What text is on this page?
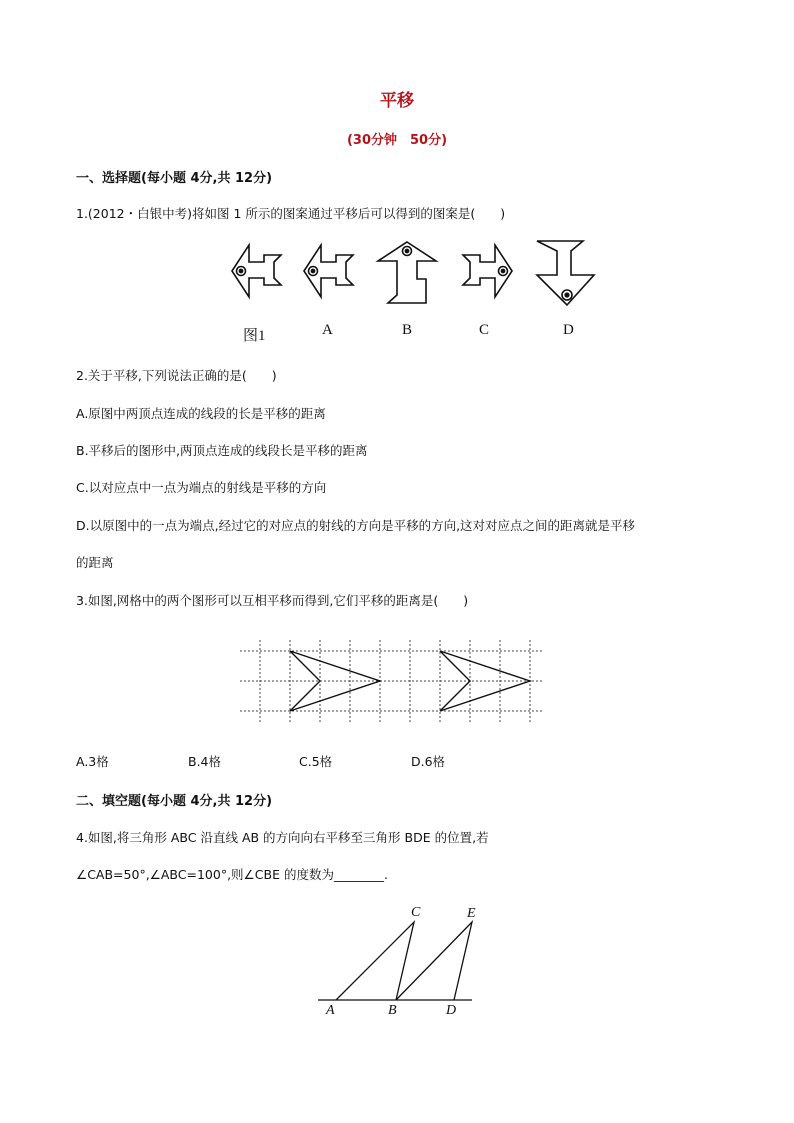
平移
(30分钟　50分)
一、选择题(每小题 4分,共 12分)
1.(2012・白银中考)将如图 1 所示的图案通过平移后可以得到的图案是(　　)
图1	A	B	C	D
2.关于平移,下列说法正确的是(　　)
A.原图中两顶点连成的线段的长是平移的距离
B.平移后的图形中,两顶点连成的线段长是平移的距离
C.以对应点中一点为端点的射线是平移的方向
D.以原图中的一点为端点,经过它的对应点的射线的方向是平移的方向,这对对应点之间的距离就是平移
的距离
3.如图,网格中的两个图形可以互相平移而得到,它们平移的距离是(　　)
A.3格	B.4格	C.5格	D.6格
二、填空题(每小题 4分,共 12分)
4.如图,将三角形 ABC 沿直线 AB 的方向向右平移至三角形 BDE 的位置,若
∠CAB=50°,∠ABC=100°,则∠CBE 的度数为________.
C	E
A	B	D
